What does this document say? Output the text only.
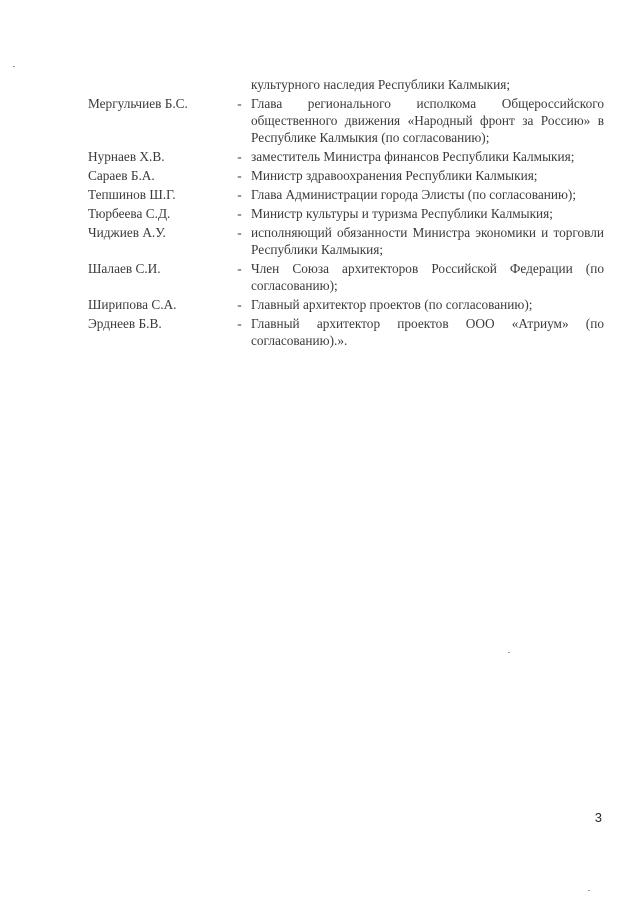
культурного наследия Республики Калмыкия;
Мергульчиев Б.С.	- Глава регионального исполкома Общероссийского общественного движения «Народный фронт за Россию» в Республике Калмыкия (по согласованию);
Нурнаев Х.В.	- заместитель Министра финансов Республики Калмыкия;
Сараев Б.А.	- Министр здравоохранения Республики Калмыкия;
Тепшинов Ш.Г.	- Глава Администрации города Элисты (по согласованию);
Тюрбеева С.Д.	- Министр культуры и туризма Республики Калмыкия;
Чиджиев А.У.	- исполняющий обязанности Министра экономики и торговли Республики Калмыкия;
Шалаев С.И.	- Член Союза архитекторов Российской Федерации (по согласованию);
Ширипова С.А.	- Главный архитектор проектов (по согласованию);
Эрднеев Б.В.	- Главный архитектор проектов ООО «Атриум» (по согласованию).».
3
